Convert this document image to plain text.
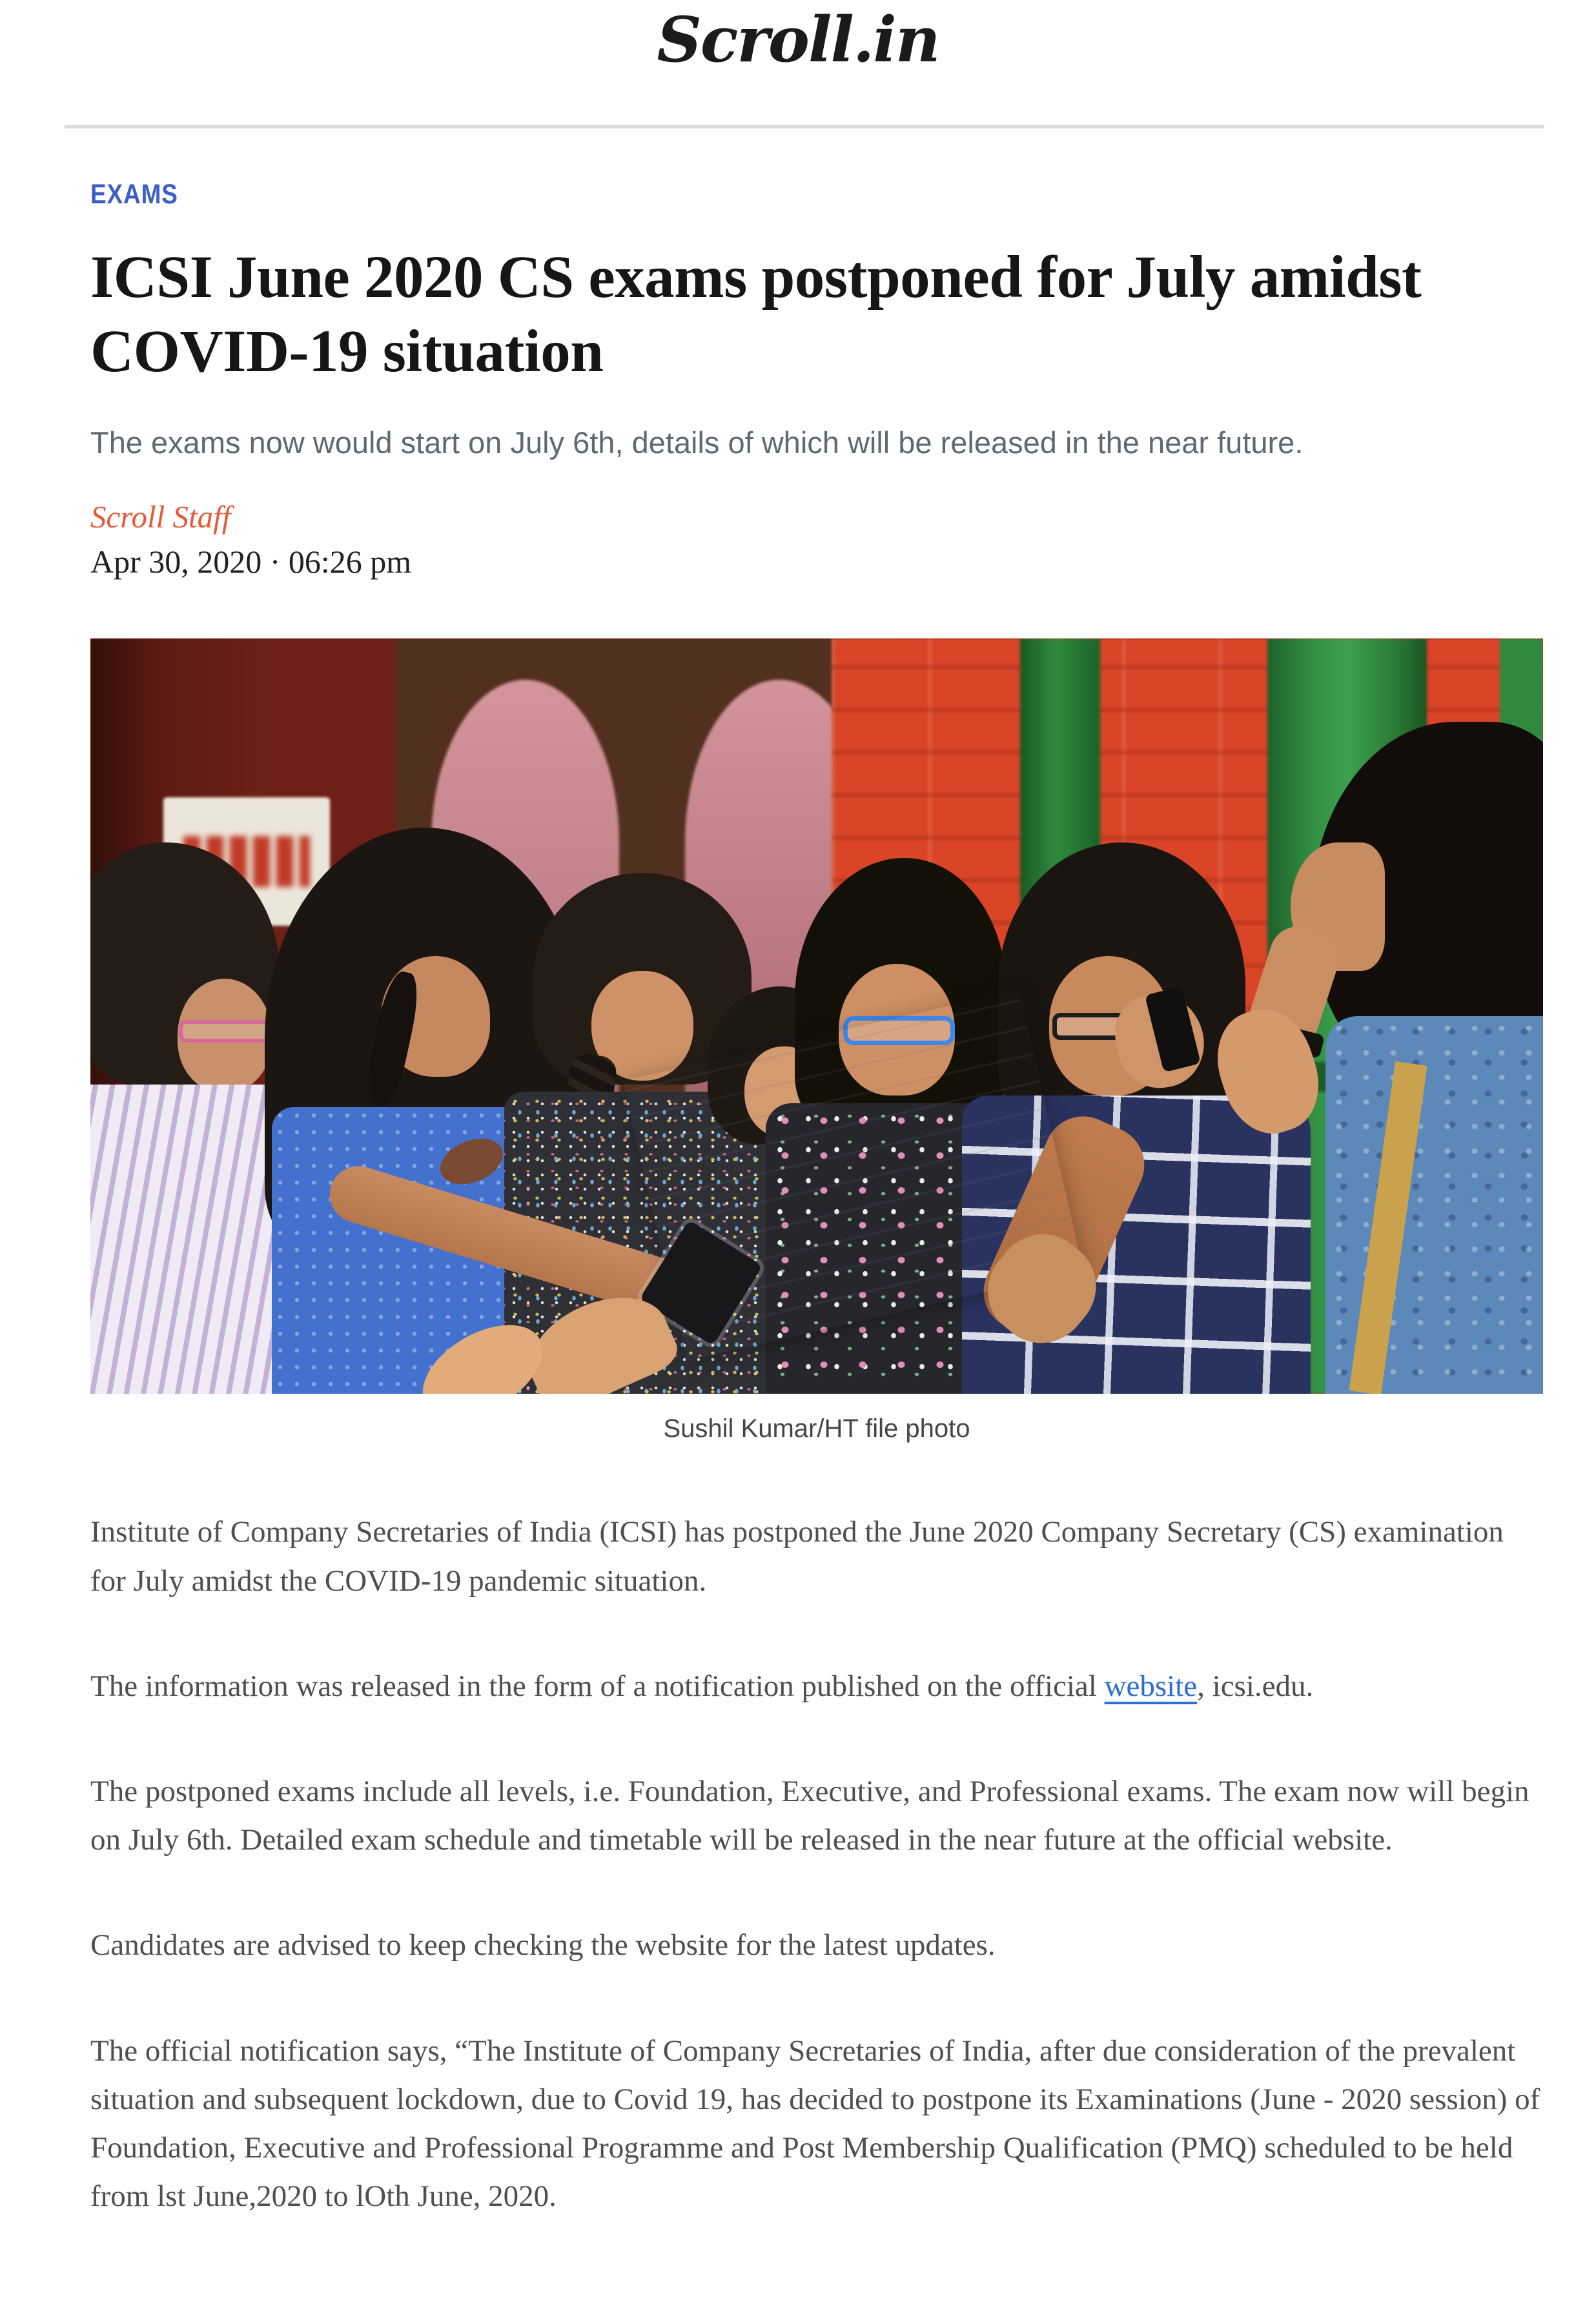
Scroll.in
EXAMS
ICSI June 2020 CS exams postponed for July amidst COVID-19 situation

The exams now would start on July 6th, details of which will be released in the near future.

Scroll Staff
Apr 30, 2020 · 06:26 pm
Sushil Kumar/HT file photo

Institute of Company Secretaries of India (ICSI) has postponed the June 2020 Company Secretary (CS) examination for July amidst the COVID-19 pandemic situation.

The information was released in the form of a notification published on the official website, icsi.edu.

The postponed exams include all levels, i.e. Foundation, Executive, and Professional exams. The exam now will begin on July 6th. Detailed exam schedule and timetable will be released in the near future at the official website.

Candidates are advised to keep checking the website for the latest updates.

The official notification says, “The Institute of Company Secretaries of India, after due consideration of the prevalent situation and subsequent lockdown, due to Covid 19, has decided to postpone its Examinations (June - 2020 session) of Foundation, Executive and Professional Programme and Post Membership Qualification (PMQ) scheduled to be held from lst June,2020 to lOth June, 2020.
